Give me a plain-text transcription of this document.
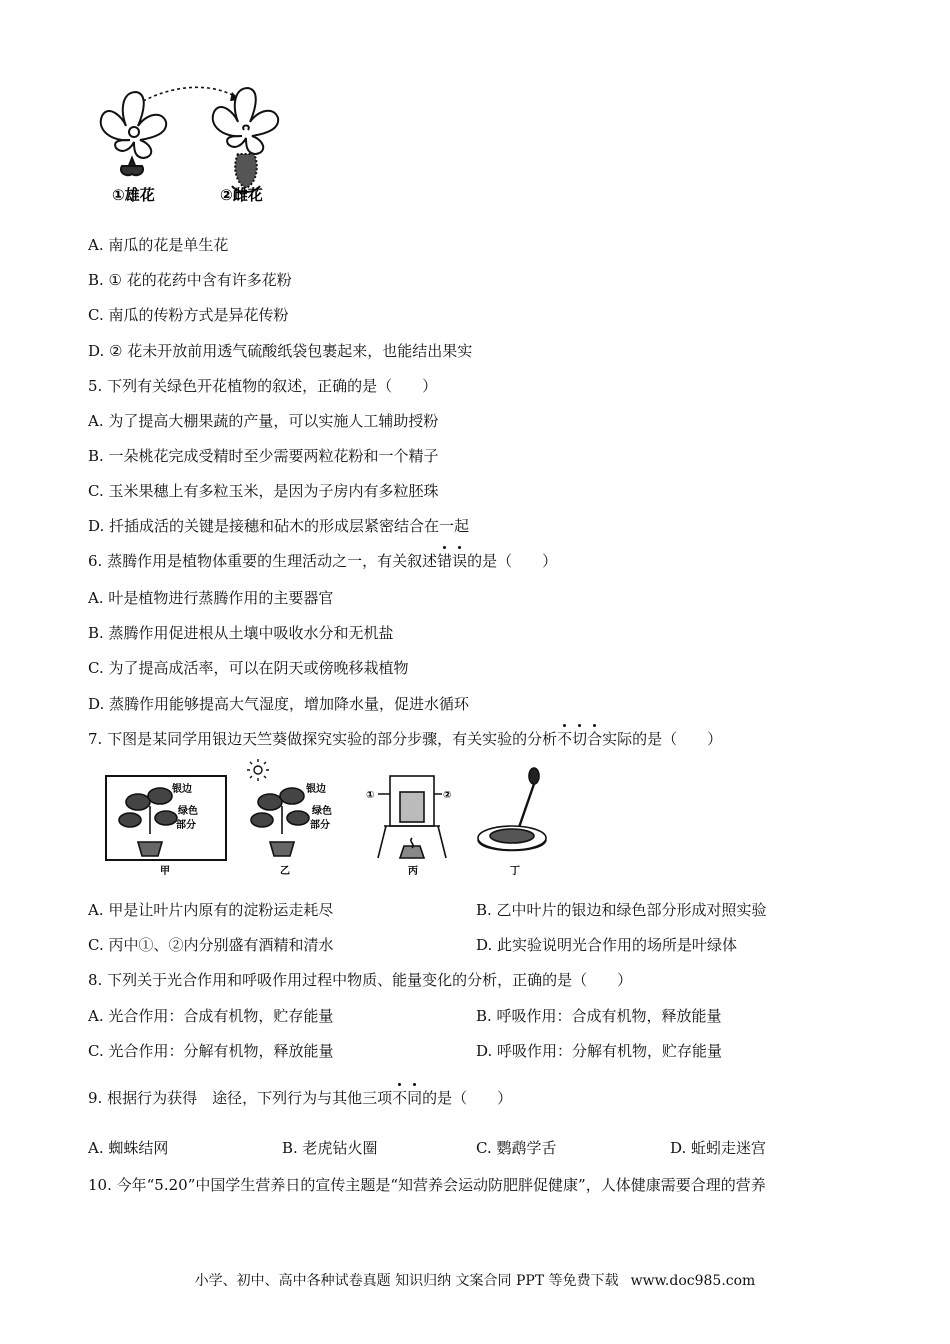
①雄花	②雌花
A. 南瓜的花是单生花
B. ① 花的花药中含有许多花粉
C. 南瓜的传粉方式是异花传粉
D. ② 花未开放前用透气硫酸纸袋包裹起来，也能结出果实
5. 下列有关绿色开花植物的叙述，正确的是（　　）
A. 为了提高大棚果蔬的产量，可以实施人工辅助授粉
B. 一朵桃花完成受精时至少需要两粒花粉和一个精子
C. 玉米果穗上有多粒玉米，是因为子房内有多粒胚珠
D. 扦插成活的关键是接穗和砧木的形成层紧密结合在一起
6. 蒸腾作用是植物体重要的生理活动之一，有关叙述错误的是（　　）
A. 叶是植物进行蒸腾作用的主要器官
B. 蒸腾作用促进根从土壤中吸收水分和无机盐
C. 为了提高成活率，可以在阴天或傍晚移栽植物
D. 蒸腾作用能够提高大气湿度，增加降水量，促进水循环
7. 下图是某同学用银边天竺葵做探究实验的部分步骤，有关实验的分析不切合实际的是（　　）
银边
绿色
部分
甲
银边
绿色
部分
乙
①	②
丙	丁
A. 甲是让叶片内原有的淀粉运走耗尽	B. 乙中叶片的银边和绿色部分形成对照实验
C. 丙中①、②内分别盛有酒精和清水	D. 此实验说明光合作用的场所是叶绿体
8. 下列关于光合作用和呼吸作用过程中物质、能量变化的分析，正确的是（　　）
A. 光合作用：合成有机物，贮存能量	B. 呼吸作用：合成有机物，释放能量
C. 光合作用：分解有机物，释放能量	D. 呼吸作用：分解有机物，贮存能量
9. 根据行为获得　途径，下列行为与其他三项不同的是（　　）
A. 蜘蛛结网	B. 老虎钻火圈	C. 鹦鹉学舌	D. 蚯蚓走迷宫
10. 今年“5.20”中国学生营养日的宣传主题是“知营养会运动防肥胖促健康”，人体健康需要合理的营养
小学、初中、高中各种试卷真题 知识归纳 文案合同 PPT 等免费下载 www.doc985.com
